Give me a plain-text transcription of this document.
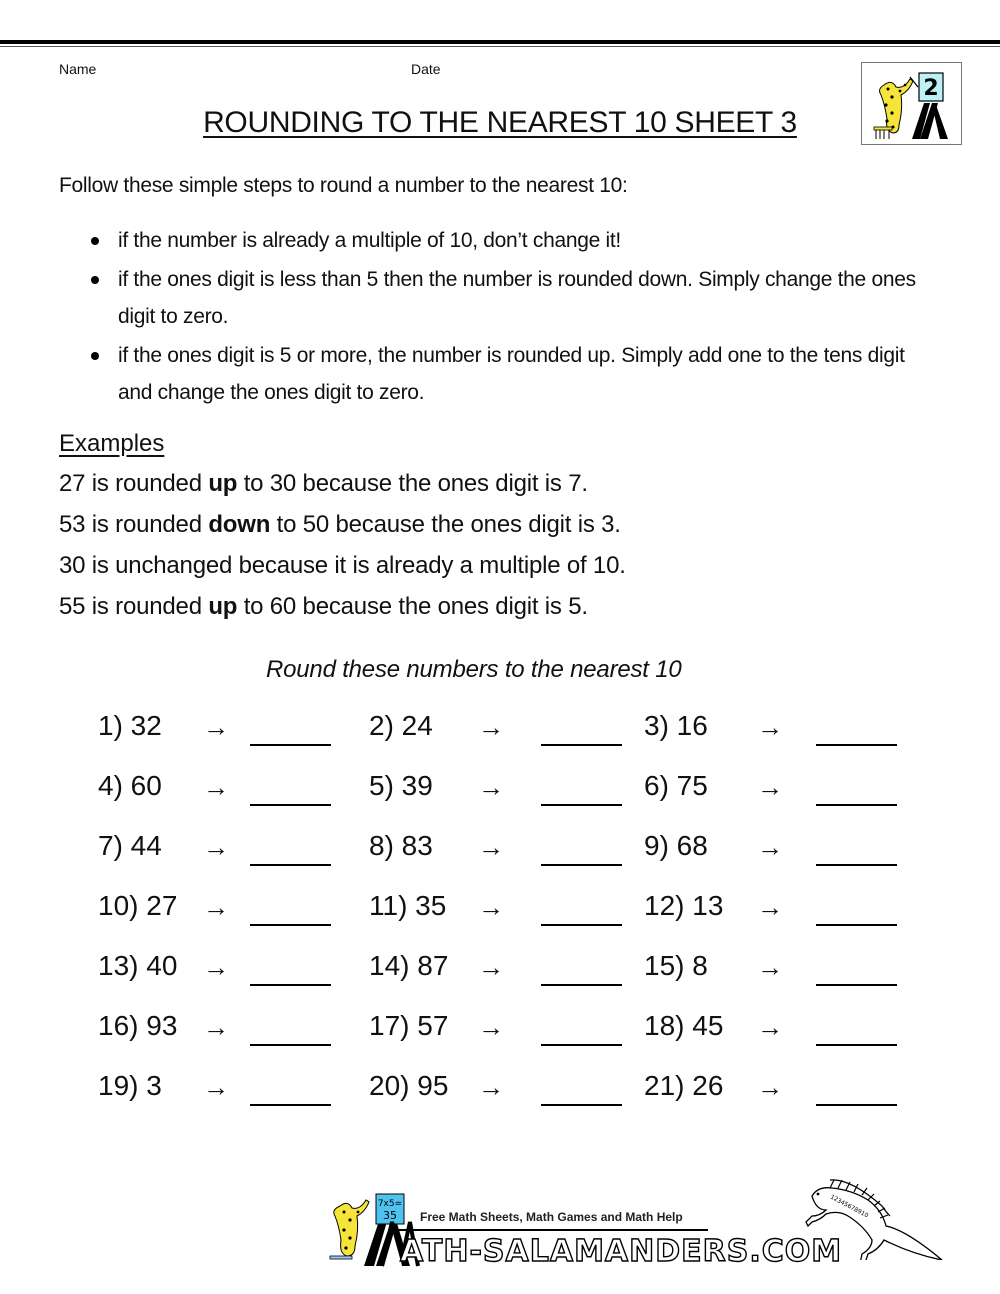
Name	Date
2
ROUNDING TO THE NEAREST 10 SHEET 3
Follow these simple steps to round a number to the nearest 10:
if the number is already a multiple of 10, don’t change it!
if the ones digit is less than 5 then the number is rounded down. Simply change the ones digit to zero.
if the ones digit is 5 or more, the number is rounded up. Simply add one to the tens digit and change the ones digit to zero.
Examples
27 is rounded up to 30 because the ones digit is 7.
53 is rounded down to 50 because the ones digit is 3.
30 is unchanged because it is already a multiple of 10.
55 is rounded up to 60 because the ones digit is 5.
Round these numbers to the nearest 10
1) 32 →	2) 24 →	3) 16 →
4) 60 →	5) 39 →	6) 75 →
7) 44 →	8) 83 →	9) 68 →
10) 27 →	11) 35 →	12) 13 →
13) 40 →	14) 87 →	15) 8 →
16) 93 →	17) 57 →	18) 45 →
19) 3 →	20) 95 →	21) 26 →
7x5=
35 Free Math Sheets, Math Games and Math Help
ATH-SALAMANDERS.COM
12345678910
